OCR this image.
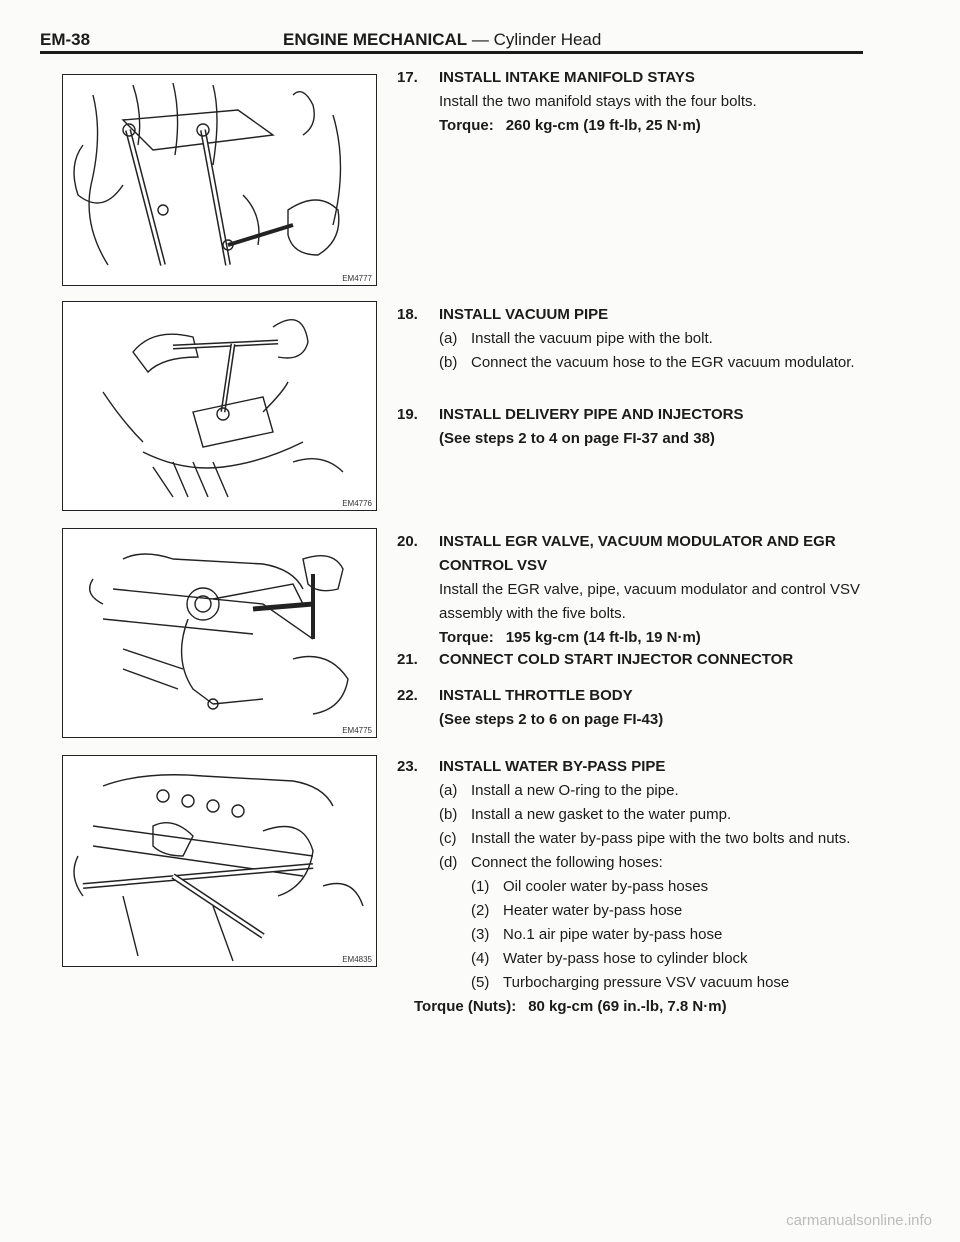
EM-38	ENGINE MECHANICAL — Cylinder Head
EM4777
EM4776
EM4775
EM4835
17. INSTALL INTAKE MANIFOLD STAYS
Install the two manifold stays with the four bolts.
Torque: 260 kg-cm (19 ft-lb, 25 N·m)
18. INSTALL VACUUM PIPE
(a) Install the vacuum pipe with the bolt.
(b) Connect the vacuum hose to the EGR vacuum modulator.
19. INSTALL DELIVERY PIPE AND INJECTORS
(See steps 2 to 4 on page FI-37 and 38)
20. INSTALL EGR VALVE, VACUUM MODULATOR AND EGR
CONTROL VSV
Install the EGR valve, pipe, vacuum modulator and control VSV assembly with the five bolts.
Torque: 195 kg-cm (14 ft-lb, 19 N·m)
21. CONNECT COLD START INJECTOR CONNECTOR
22. INSTALL THROTTLE BODY
(See steps 2 to 6 on page FI-43)
23. INSTALL WATER BY-PASS PIPE
(a) Install a new O-ring to the pipe.
(b) Install a new gasket to the water pump.
(c) Install the water by-pass pipe with the two bolts and nuts.
(d) Connect the following hoses:
(1) Oil cooler water by-pass hoses
(2) Heater water by-pass hose
(3) No.1 air pipe water by-pass hose
(4) Water by-pass hose to cylinder block
(5) Turbocharging pressure VSV vacuum hose
Torque (Nuts): 80 kg-cm (69 in.-lb, 7.8 N·m)
carmanualsonline.info
